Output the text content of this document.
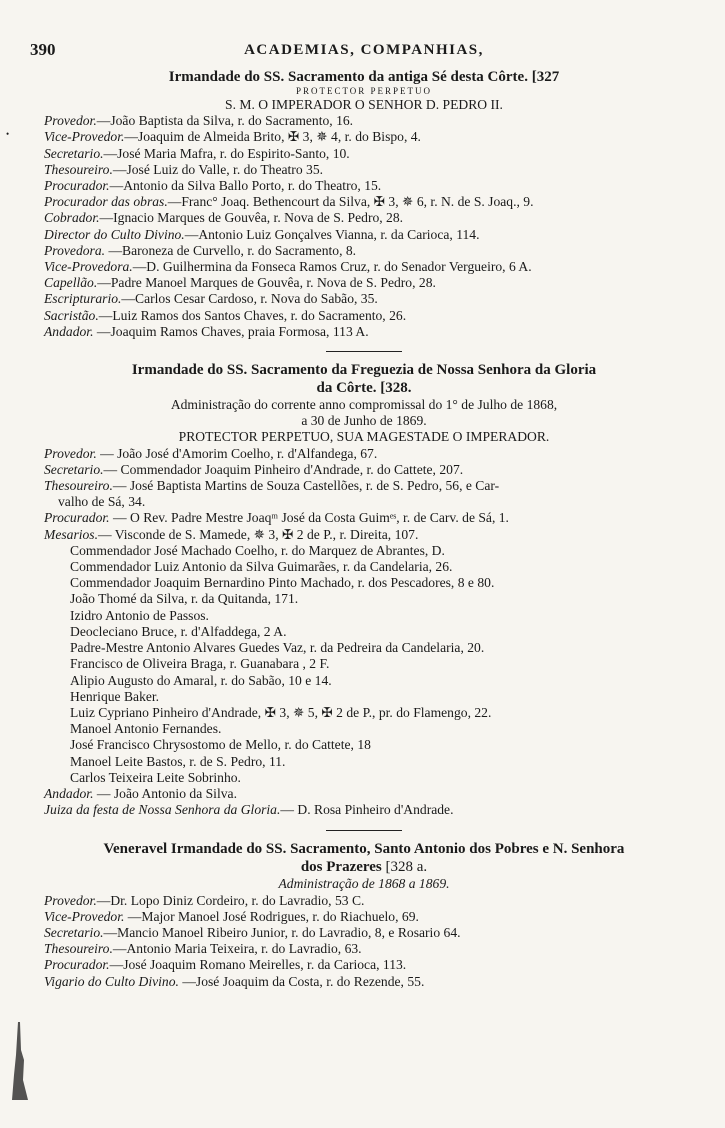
•
390	ACADEMIAS, COMPANHIAS,
Irmandade do SS. Sacramento da antiga Sé desta Côrte. [327
PROTECTOR PERPETUO
S. M. O IMPERADOR O SENHOR D. PEDRO II.
Provedor.—João Baptista da Silva, r. do Sacramento, 16.
Vice-Provedor.—Joaquim de Almeida Brito, ✠ 3, ✵ 4, r. do Bispo, 4.
Secretario.—José Maria Mafra, r. do Espirito-Santo, 10.
Thesoureiro.—José Luiz do Valle, r. do Theatro 35.
Procurador.—Antonio da Silva Ballo Porto, r. do Theatro, 15.
Procurador das obras.—Franc° Joaq. Bethencourt da Silva, ✠ 3, ✵ 6, r. N. de S. Joaq., 9.
Cobrador.—Ignacio Marques de Gouvêa, r. Nova de S. Pedro, 28.
Director do Culto Divino.—Antonio Luiz Gonçalves Vianna, r. da Carioca, 114.
Provedora. —Baroneza de Curvello, r. do Sacramento, 8.
Vice-Provedora.—D. Guilhermina da Fonseca Ramos Cruz, r. do Senador Vergueiro, 6 A.
Capellão.—Padre Manoel Marques de Gouvêa, r. Nova de S. Pedro, 28.
Escripturario.—Carlos Cesar Cardoso, r. Nova do Sabão, 35.
Sacristão.—Luiz Ramos dos Santos Chaves, r. do Sacramento, 26.
Andador. —Joaquim Ramos Chaves, praia Formosa, 113 A.
Irmandade do SS. Sacramento da Freguezia de Nossa Senhora da Gloria
da Côrte. [328.
Administração do corrente anno compromissal do 1° de Julho de 1868,
a 30 de Junho de 1869.
PROTECTOR PERPETUO, SUA MAGESTADE O IMPERADOR.
Provedor. — João José d'Amorim Coelho, r. d'Alfandega, 67.
Secretario.— Commendador Joaquim Pinheiro d'Andrade, r. do Cattete, 207.
Thesoureiro.— José Baptista Martins de Souza Castellões, r. de S. Pedro, 56, e Car-
valho de Sá, 34.
Procurador. — O Rev. Padre Mestre Joaqᵐ José da Costa Guimᵉˢ, r. de Carv. de Sá, 1.
Mesarios.— Visconde de S. Mamede, ✵ 3, ✠ 2 de P., r. Direita, 107.
Commendador José Machado Coelho, r. do Marquez de Abrantes, D.
Commendador Luiz Antonio da Silva Guimarães, r. da Candelaria, 26.
Commendador Joaquim Bernardino Pinto Machado, r. dos Pescadores, 8 e 80.
João Thomé da Silva, r. da Quitanda, 171.
Izidro Antonio de Passos.
Deocleciano Bruce, r. d'Alfaddega, 2 A.
Padre-Mestre Antonio Alvares Guedes Vaz, r. da Pedreira da Candelaria, 20.
Francisco de Oliveira Braga, r. Guanabara , 2 F.
Alipio Augusto do Amaral, r. do Sabão, 10 e 14.
Henrique Baker.
Luiz Cypriano Pinheiro d'Andrade, ✠ 3, ✵ 5, ✠ 2 de P., pr. do Flamengo, 22.
Manoel Antonio Fernandes.
José Francisco Chrysostomo de Mello, r. do Cattete, 18
Manoel Leite Bastos, r. de S. Pedro, 11.
Carlos Teixeira Leite Sobrinho.
Andador. — João Antonio da Silva.
Juiza da festa de Nossa Senhora da Gloria.— D. Rosa Pinheiro d'Andrade.
Veneravel Irmandade do SS. Sacramento, Santo Antonio dos Pobres e N. Senhora
dos Prazeres [328 a.
Administração de 1868 a 1869.
Provedor.—Dr. Lopo Diniz Cordeiro, r. do Lavradio, 53 C.
Vice-Provedor. —Major Manoel José Rodrigues, r. do Riachuelo, 69.
Secretario.—Mancio Manoel Ribeiro Junior, r. do Lavradio, 8, e Rosario 64.
Thesoureiro.—Antonio Maria Teixeira, r. do Lavradio, 63.
Procurador.—José Joaquim Romano Meirelles, r. da Carioca, 113.
Vigario do Culto Divino. —José Joaquim da Costa, r. do Rezende, 55.
